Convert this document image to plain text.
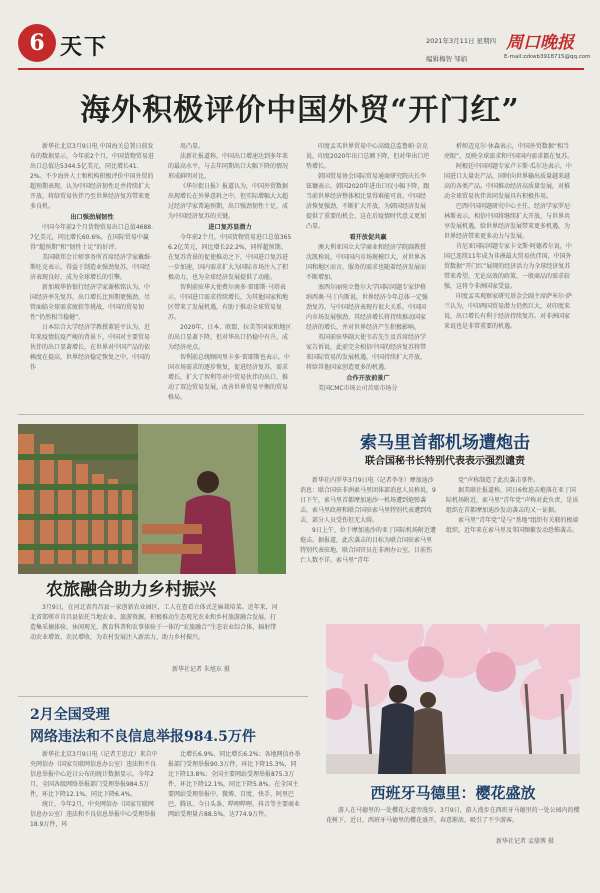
6 天下	2021年3月11日 星期四
编辑梅智 邹娟
周口晚报
E-mail:zzkwb3918715@qq.com
海外积极评价中国外贸“开门红”

新华社北京3月9日电 中国海关总署日前发布的数据显示，今年前2个月，中国货物贸易进出口总值达5344.5亿美元，同比增长41.2%。不少海外人士和机构积极评价中国外贸的超预期表现，认为中国经济韧性足并持续扩大开放，将给贸易伙伴乃至世界经济复苏带来更多良机。

出口强劲展韧性

中国今年前2个月货物贸易出口总值4688.7亿美元，同比增长60.6%，在国际贸易中赢得“超预期”和“韧性十足”的好评。

美国联邦会计师事务所首席经济学家戴维·斯旺克表示，得益于制造业强劲复苏，中国经济表现良好，成为全球增长的引擎。

新加坡华侨银行经济学家谢栋铭认为，中国经济率先复苏，出口增长比预期更强劲，尽管面临全球需求疲软等挑战，中国的贸易韧性“仍然相当稳健”。

日本综合大学经济学教授董延平认为，近年来疫情抗疫严峻的背景下，中国对主要贸易伙伴的出口显著增长，在世界对中国产品的依赖度在提高，世界经济稳定恢复之中，中国的作

用凸显。

法新社报道称，中国出口增速达到多年来的最高水平，与去年同期出口大幅下降的情况形成鲜明对比。

《华尔街日报》报道认为，中国外贸数据出现增长在外界意料之中，但实际增幅大大超过经济学家普遍预期，出口强劲韧性十足，成为中国经济复苏的关键。

进口复苏显潜力

今年前2个月，中国货物贸易进口总值3656.2亿美元，同比增长22.2%，同样超预期。在复苏背景的促使推动之下，中国进口复苏进一步加速，国内需求扩大为国际市场注入了积极动力，也为全球经济发展提供了动能。

智利前驻华大使费尔南多·雷耶斯·马塔表示，中国进口需求持续增长，为其他国家和地区带来了发展机遇，有助于推动全球贸易复苏。

2020年，日本、欧盟、拉美等国家和地区的出口显著下降，但对华出口仍稳中有升，成为经济亮点。

智利前总统顾问里卡多·雷耶斯也表示，中国市场需求的逐步恢复，促进经济复苏，需求增长，扩大了智利等对中贸易伙伴的出口，推动了双边贸易发展，改善世界贸易平衡的贸易格局。

印度孟买世界贸易中心高级总监鲁帕·奈克说，印度2020年出口总额下降，但对华出口逆势增长。

韩国贸易协会国际贸易通商研究院庆长李铉镛表示，韩国2020年进出口仅小幅下降，跟当前世界经济整体相比显得难能可贵。中国经济恢复强劲，不断扩大开放，为韩国经济发展提供了重要的机会，这在后疫情时代意义更加凸显。

看开放促共赢

澳大利亚国立大学商业和经济学院副教授沈凯称说，中国国内市场规模巨大，对世界各国和地区而言，服务的需求也随着经济发展而不断增加。

塞西尔丽宛立鲁尔大学国际问题专家伊格纳西奥·马丁内斯说，世界经济今年总体一定强劲复苏，与中国经济表现有很大关系。中国国内市场发展强劲，其经济增长将持续推动国家经济的增长，并对世界经济产生积极影响。

英国前驻华副大使韦若先生及首席经济学家告诉说，此前完全相信中国的经济复苏将带来国际贸易的发展机遇，中国持续扩大开放，将给其他国家创造更多的机遇。

合作开放前景广

美国CMC市场公司首席市场分

析师迈克尔·休森表示，中国外贸数据“相当亮眼”，反映全球需求和中国国内需求都在复苏。

阿根廷中国问题专家卢卡斯·瓜尔达表示，中国进口大量农产品，同时向世界输出质量越来越高的各类产品。中国推动经济高质量发展，对推动全球贸易伙伴共同发展具有积极作用。

巴西中国问题研究中心主任、经济学家罗尼·林斯表示，相信中国将继续扩大开放，与世界共享发展机遇，给世界经济发展带来更多机遇，为世界经济带来更多动力与发展。

肯尼亚国际问题专家卡文斯·阿德希尔说，中国已连续11年成为非洲最大贸易伙伴国，中国外贸数据“开门红”展现的经济活力为全球经济复苏带来希望，无论高效的政策，一般商品的需求较强，这将令非洲国家受益。

印度孟买观察家研究基金会副主席萨米尔·萨兰认为，中印两国贸易潜力仍然巨大，对印度来说，出口增长有利于经济持续复苏。对非洲国家来说也是非常重要的机遇。

农旅融合助力乡村振兴
3月9日，在河北省肖昌县一家创新农业园区，工人在查看立体式芝麻栽培菜。近年来，河北省邯郸市肯昌县依托当地农业、旅游资源，积极推动生态观光农业和乡村旅游融合发展，打造集采摘体验、休闲观光、教育科普和农事体验于一体的“农旅融合”生态农业综合体，辐射带动农业增效、农民增收，为农村发展注入新活力，助力乡村振兴。
新华社记者 朱旭东 摄
索马里首都机场遭炮击
联合国秘书长特别代表表示强烈谴责

新华社内罗毕3月9日电（记者李冬）摩加迪沙消息：联合国驻非洲索马里团体部消息人员称说，9日下午，索马里首都摩加迪沙一机场遭到炮弹袭击。索马里政府和联合国驻索马里特别代表遭到攻击，部分人员受伤但无大碍。

9日上午，位于摩加迪沙的亚丁国际机场附近遭炮击。据报道，此次袭击的目标为联合国驻索马里特别代表驻地，联合国官员在非洲办公室，目前伤亡人数不详。索马里“青年

党”声称制造了此次袭击事件。

据美联社报道称，同日6枚迫击炮落在亚丁国际机场附近，索马里“青年党”声称对此负责，是该组织在首都摩加迪沙发动袭击的又一证据。

索马里“青年党”是与“基地”组织有关联的极端组织，近年来在索马里及邻国频繁发动恐怖袭击。

西班牙马德里：樱花盛放
游人在马德里的一处樱花大道旁漫步。3月9日，游人漫步在西班牙马德里的一处公园内的樱花树下。近日，西班牙马德里的樱花盛开，春意渐浓，吸引了不少游客。
新华社记者 孟鼎博 摄
2月全国受理
网络违法和不良信息举报984.5万件

新华社北京3月9日电（记者王思北）来自中央网信办（国家互联网信息办公室）违法和不良信息举报中心近日公布的统计数据显示，今年2月，全国各级网络举报部门受理举报984.5万件，环比下降12.1%，同比下降6.4%。

统计，今年2月，中央网信办（国家互联网信息办公室）违法和不良信息举报中心受理举报18.9万件，环

比增长6.9%，同比增长6.2%；各地网信办举报部门受理举报90.3万件，环比下降15.3%，同比下降13.8%；全国主要网站受理举报875.3万件，环比下降12.1%，同比下降5.8%。在全国主要网站受理举报中，微博、百度、快手、阿里巴巴、腾讯、今日头条、哔哩哔哩、抖音等主要商业网站受理量占88.5%，达774.9万件。
